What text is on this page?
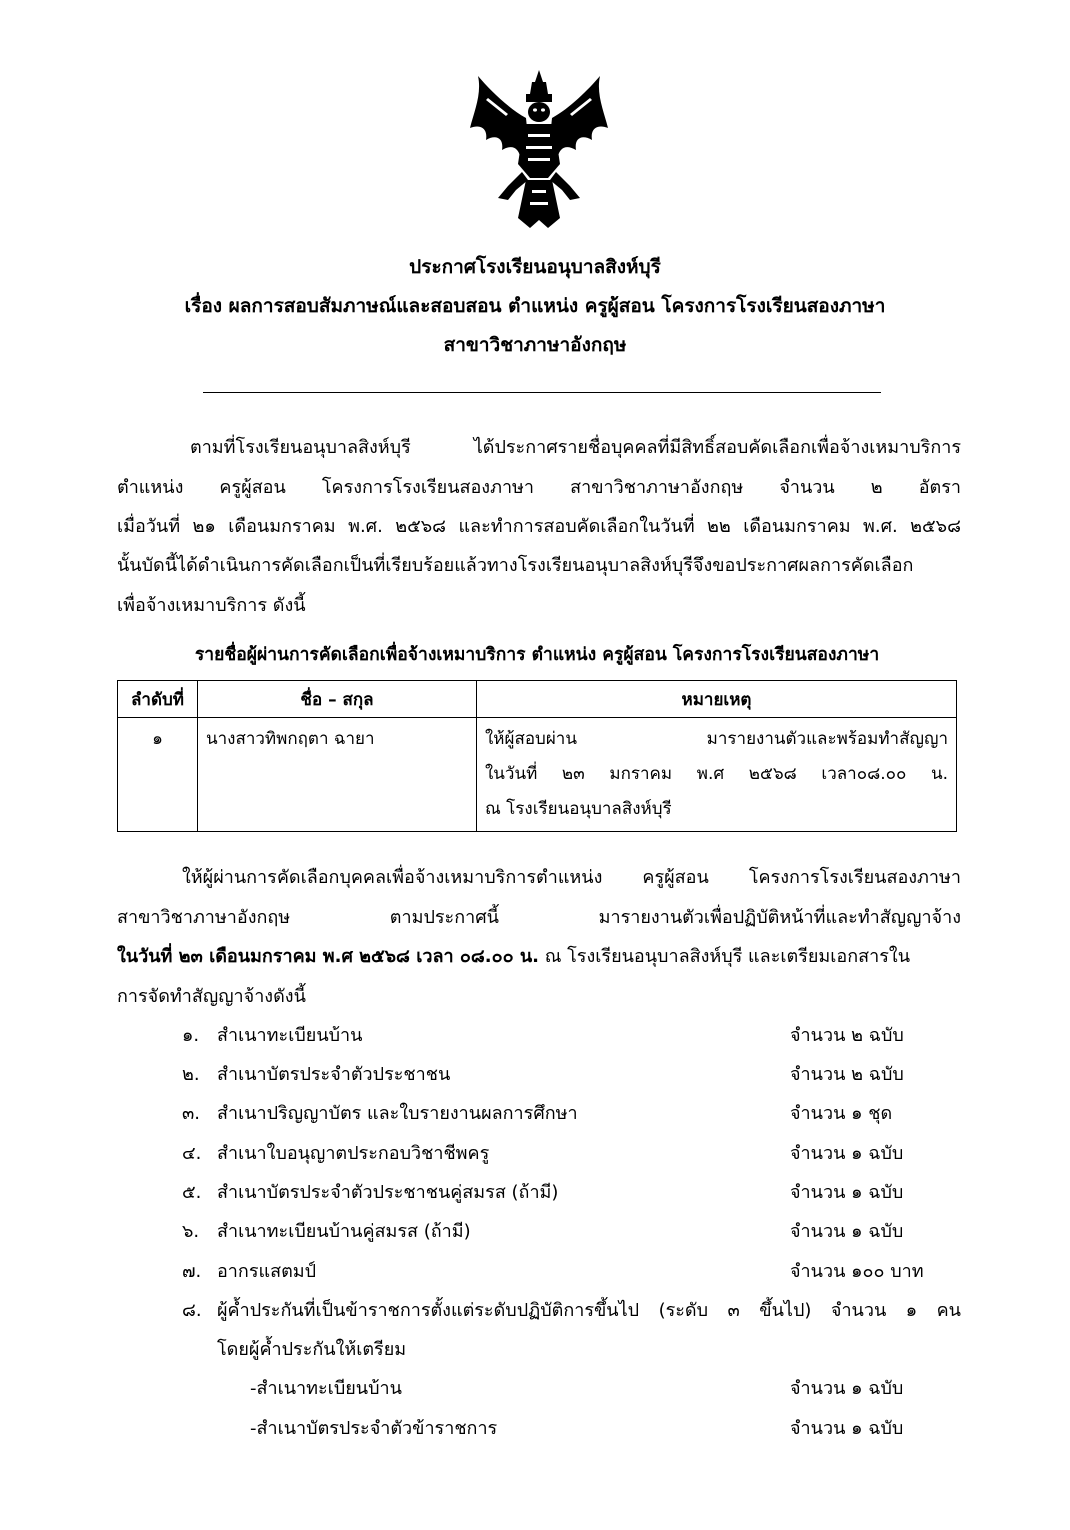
ประกาศโรงเรียนอนุบาลสิงห์บุรี
เรื่อง ผลการสอบสัมภาษณ์และสอบสอน ตำแหน่ง ครูผู้สอน โครงการโรงเรียนสองภาษา
สาขาวิชาภาษาอังกฤษ
ตามที่โรงเรียนอนุบาลสิงห์บุรี ได้ประกาศรายชื่อบุคคลที่มีสิทธิ์สอบคัดเลือกเพื่อจ้างเหมาบริการ
ตำแหน่ง ครูผู้สอน โครงการโรงเรียนสองภาษา สาขาวิชาภาษาอังกฤษ จำนวน ๒ อัตรา
เมื่อวันที่ ๒๑ เดือนมกราคม พ.ศ. ๒๕๖๘ และทำการสอบคัดเลือกในวันที่ ๒๒ เดือนมกราคม พ.ศ. ๒๕๖๘
นั้นบัดนี้ได้ดำเนินการคัดเลือกเป็นที่เรียบร้อยแล้วทางโรงเรียนอนุบาลสิงห์บุรีจึงขอประกาศผลการคัดเลือก
เพื่อจ้างเหมาบริการ ดังนี้
รายชื่อผู้ผ่านการคัดเลือกเพื่อจ้างเหมาบริการ ตำแหน่ง ครูผู้สอน โครงการโรงเรียนสองภาษา
ลำดับที่	ชื่อ – สกุล	หมายเหตุ
๑	นางสาวทิพกฤตา ฉายา	ให้ผู้สอบผ่าน มารายงานตัวและพร้อมทำสัญญา
ในวันที่ ๒๓ มกราคม พ.ศ ๒๕๖๘ เวลา๐๘.๐๐ น.
ณ โรงเรียนอนุบาลสิงห์บุรี
ให้ผู้ผ่านการคัดเลือกบุคคลเพื่อจ้างเหมาบริการตำแหน่ง ครูผู้สอน โครงการโรงเรียนสองภาษา
สาขาวิชาภาษาอังกฤษ ตามประกาศนี้ มารายงานตัวเพื่อปฏิบัติหน้าที่และทำสัญญาจ้าง
ในวันที่ ๒๓ เดือนมกราคม พ.ศ ๒๕๖๘ เวลา ๐๘.๐๐ น. ณ โรงเรียนอนุบาลสิงห์บุรี และเตรียมเอกสารใน
การจัดทำสัญญาจ้างดังนี้
๑. สำเนาทะเบียนบ้าน	จำนวน ๒ ฉบับ
๒. สำเนาบัตรประจำตัวประชาชน	จำนวน ๒ ฉบับ
๓. สำเนาปริญญาบัตร และใบรายงานผลการศึกษา	จำนวน ๑ ชุด
๔. สำเนาใบอนุญาตประกอบวิชาชีพครู	จำนวน ๑ ฉบับ
๕. สำเนาบัตรประจำตัวประชาชนคู่สมรส (ถ้ามี)	จำนวน ๑ ฉบับ
๖. สำเนาทะเบียนบ้านคู่สมรส (ถ้ามี)	จำนวน ๑ ฉบับ
๗. อากรแสตมป์	จำนวน ๑๐๐ บาท
๘. ผู้ค้ำประกันที่เป็นข้าราชการตั้งแต่ระดับปฏิบัติการขึ้นไป (ระดับ ๓ ขึ้นไป) จำนวน ๑ คน
โดยผู้ค้ำประกันให้เตรียม
-สำเนาทะเบียนบ้าน	จำนวน ๑ ฉบับ
-สำเนาบัตรประจำตัวข้าราชการ	จำนวน ๑ ฉบับ
